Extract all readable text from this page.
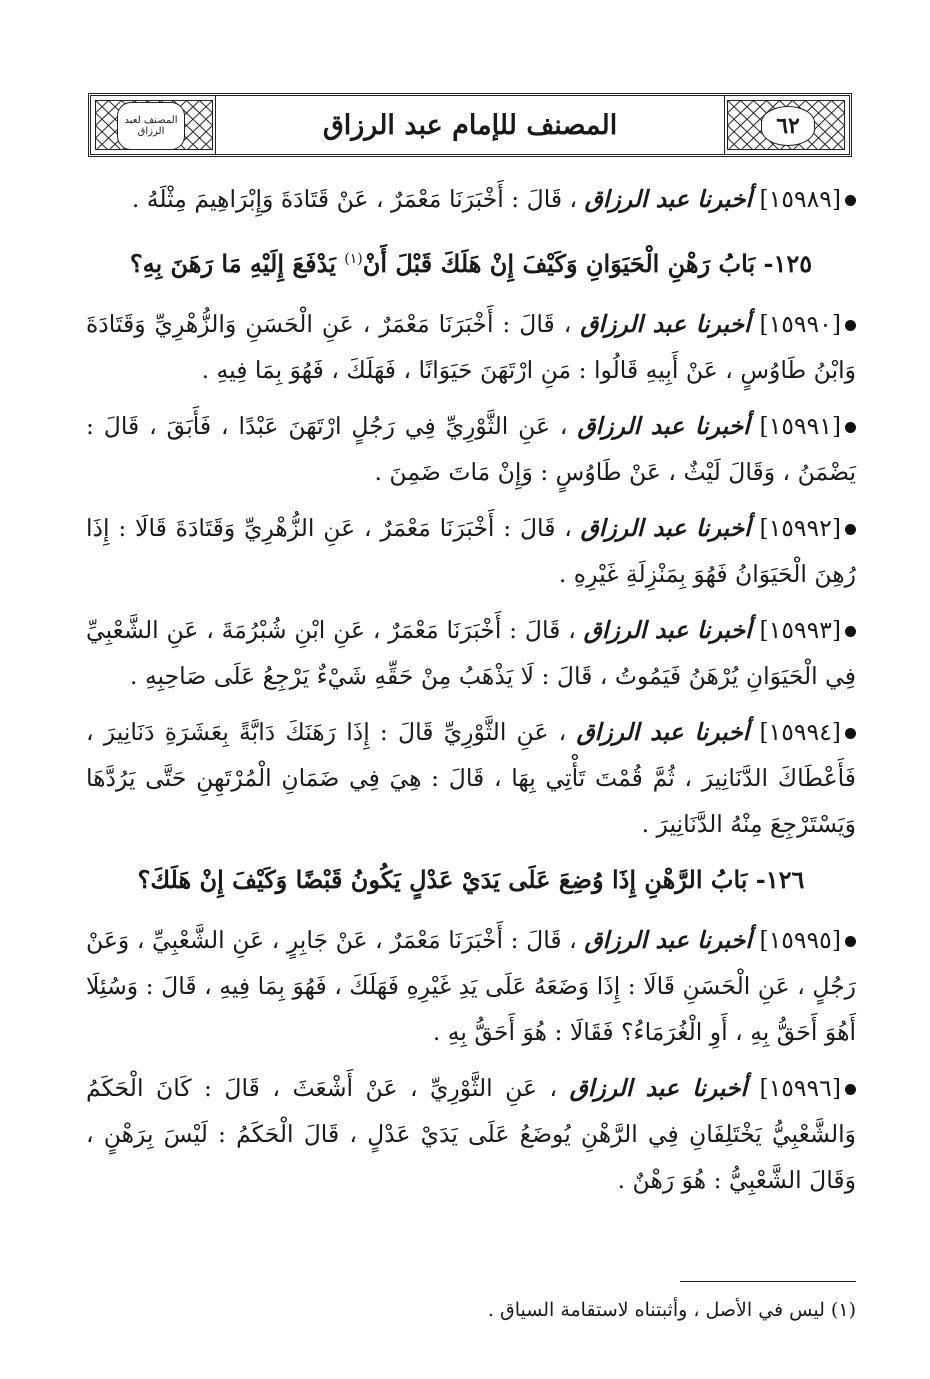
٦٢
المصنف لعبد الرزاق	المصنف للإمام عبد الرزاق

[١٥٩٨٩] أخبرنا عبد الرزاق ، قَالَ : أَخْبَرَنَا مَعْمَرٌ ، عَنْ قَتَادَةَ وَإِبْرَاهِيمَ مِثْلَهُ .

١٢٥- بَابُ رَهْنِ الْحَيَوَانِ وَكَيْفَ إِنْ هَلَكَ قَبْلَ أَنْ$^{(١)}$ يَدْفَعَ إِلَيْهِ مَا رَهَنَ بِهِ؟

[١٥٩٩٠] أخبرنا عبد الرزاق ، قَالَ : أَخْبَرَنَا مَعْمَرٌ ، عَنِ الْحَسَنِ وَالزُّهْرِيِّ وَقَتَادَةَ وَابْنُ طَاوُسٍ ، عَنْ أَبِيهِ قَالُوا : مَنِ ارْتَهَنَ حَيَوَانًا ، فَهَلَكَ ، فَهُوَ بِمَا فِيهِ .

[١٥٩٩١] أخبرنا عبد الرزاق ، عَنِ الثَّوْرِيِّ فِي رَجُلٍ ارْتَهَنَ عَبْدًا ، فَأَبَقَ ، قَالَ : يَضْمَنُ ، وَقَالَ لَيْثٌ ، عَنْ طَاوُسٍ : وَإِنْ مَاتَ ضَمِنَ .

[١٥٩٩٢] أخبرنا عبد الرزاق ، قَالَ : أَخْبَرَنَا مَعْمَرٌ ، عَنِ الزُّهْرِيِّ وَقَتَادَةَ قَالَا : إِذَا رُهِنَ الْحَيَوَانُ فَهُوَ بِمَنْزِلَةِ غَيْرِهِ .

[١٥٩٩٣] أخبرنا عبد الرزاق ، قَالَ : أَخْبَرَنَا مَعْمَرٌ ، عَنِ ابْنِ شُبْرُمَةَ ، عَنِ الشَّعْبِيِّ فِي الْحَيَوَانِ يُرْهَنُ فَيَمُوتُ ، قَالَ : لَا يَذْهَبُ مِنْ حَقِّهِ شَيْءٌ يَرْجِعُ عَلَى صَاحِبِهِ .

[١٥٩٩٤] أخبرنا عبد الرزاق ، عَنِ الثَّوْرِيِّ قَالَ : إِذَا رَهَنَكَ دَابَّةً بِعَشَرَةِ دَنَانِيرَ ، فَأَعْطَاكَ الدَّنَانِيرَ ، ثُمَّ قُمْتَ تَأْتِي بِهَا ، قَالَ : هِيَ فِي ضَمَانِ الْمُرْتَهِنِ حَتَّى يَرُدَّهَا وَيَسْتَرْجِعَ مِنْهُ الدَّنَانِيرَ .

١٢٦- بَابُ الرَّهْنِ إِذَا وُضِعَ عَلَى يَدَيْ عَدْلٍ يَكُونُ قَبْضًا وَكَيْفَ إِنْ هَلَكَ؟

[١٥٩٩٥] أخبرنا عبد الرزاق ، قَالَ : أَخْبَرَنَا مَعْمَرٌ ، عَنْ جَابِرٍ ، عَنِ الشَّعْبِيِّ ، وَعَنْ رَجُلٍ ، عَنِ الْحَسَنِ قَالَا : إِذَا وَضَعَهُ عَلَى يَدِ غَيْرِهِ فَهَلَكَ ، فَهُوَ بِمَا فِيهِ ، قَالَ : وَسُئِلَا أَهُوَ أَحَقُّ بِهِ ، أَوِ الْغُرَمَاءُ؟ فَقَالَا : هُوَ أَحَقُّ بِهِ .

[١٥٩٩٦] أخبرنا عبد الرزاق ، عَنِ الثَّوْرِيِّ ، عَنْ أَشْعَثَ ، قَالَ : كَانَ الْحَكَمُ وَالشَّعْبِيُّ يَخْتَلِفَانِ فِي الرَّهْنِ يُوضَعُ عَلَى يَدَيْ عَدْلٍ ، قَالَ الْحَكَمُ : لَيْسَ بِرَهْنٍ ، وَقَالَ الشَّعْبِيُّ : هُوَ رَهْنٌ .

(١) ليس في الأصل ، وأثبتناه لاستقامة السياق .
